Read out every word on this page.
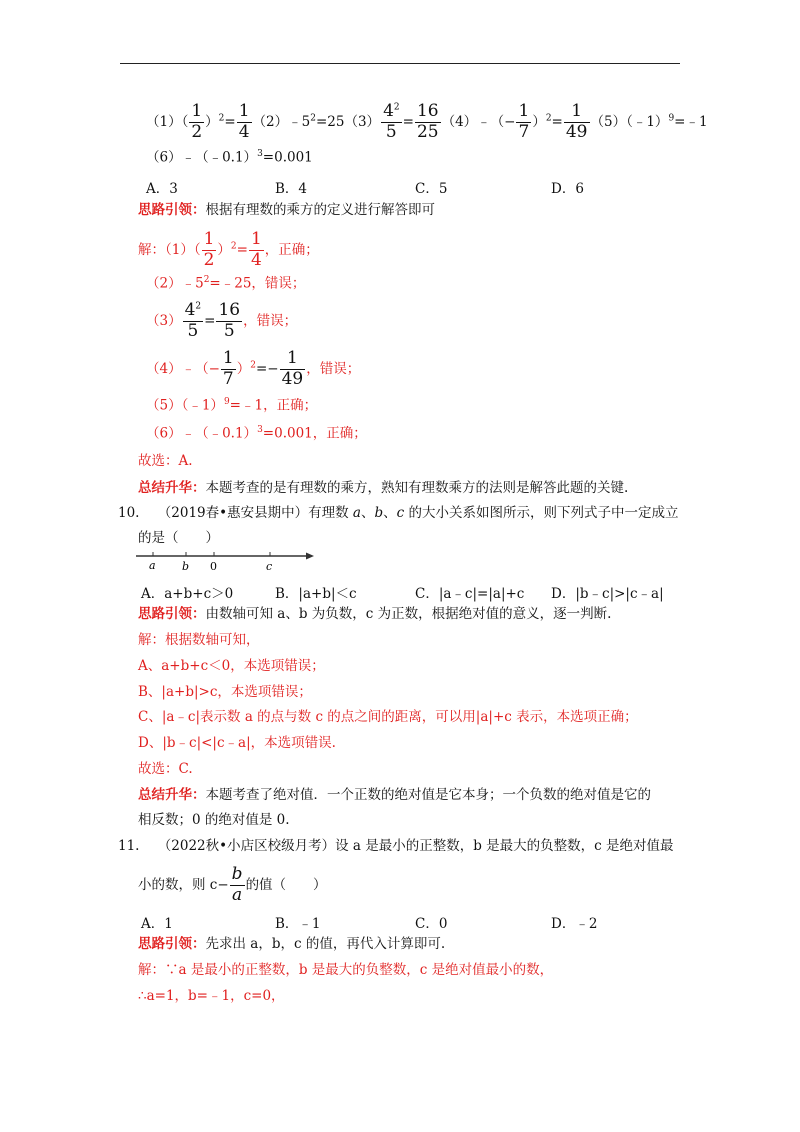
$(1)( \frac{1}{2} )^2= \frac{1}{4}$ $(2)﹣5^2=25(3) \frac{4^2}{5} = \frac{16}{25}$ （4）﹣（− $\frac{1}{7} )^2= \frac{1}{49}$ （5）（﹣1）$^9$=﹣1
（6）﹣（﹣0.1）$^3$=0.001
A．3	B．4	C．5	D．6
思路引领：根据有理数的乘方的定义进行解答即可
解：$(1)( \frac{1}{2} )^2= \frac{1}{4}$ ，正确；
$(2)﹣5^2=﹣25$，错误；
$(3) \frac{4^2}{5} = \frac{16}{5}$ ，错误；
（4）﹣（− $\frac{1}{7} )^2=- \frac{1}{49}$ ，错误；
（5）（﹣1）$^9$=﹣1，正确；
（6）﹣（﹣0.1）$^3$=0.001，正确；
故选：A.
总结升华：本题考查的是有理数的乘方，熟知有理数乘方的法则是解答此题的关键.
10. （2019春•惠安县期中）有理数 a、b、c 的大小关系如图所示，则下列式子中一定成立
的是（　　）
a b 0	c
A．a+b+c＞0	B．|a+b|＜c	C．|a﹣c|=|a|+c D．|b﹣c|>|c﹣a|
思路引领：由数轴可知 a、b 为负数，c 为正数，根据绝对值的意义，逐一判断.
解：根据数轴可知，
A、a+b+c＜0，本选项错误；
B、|a+b|>c，本选项错误；
C、|a﹣c|表示数 a 的点与数 c 的点之间的距离，可以用|a|+c 表示，本选项正确；
D、|b﹣c|<|c﹣a|，本选项错误.
故选：C.
总结升华：本题考查了绝对值．一个正数的绝对值是它本身；一个负数的绝对值是它的
相反数；0 的绝对值是 0.
11. （2022秋•小店区校级月考）设 a 是最小的正整数，b 是最大的负整数，c 是绝对值最
小的数，则 $c- \frac{b}{a}$ 的值（　　）
A．1	B．﹣1	C．0	D．﹣2
思路引领：先求出 a，b，c 的值，再代入计算即可.
解：∵a 是最小的正整数，b 是最大的负整数，c 是绝对值最小的数，
∴a=1，b=﹣1，c=0，
